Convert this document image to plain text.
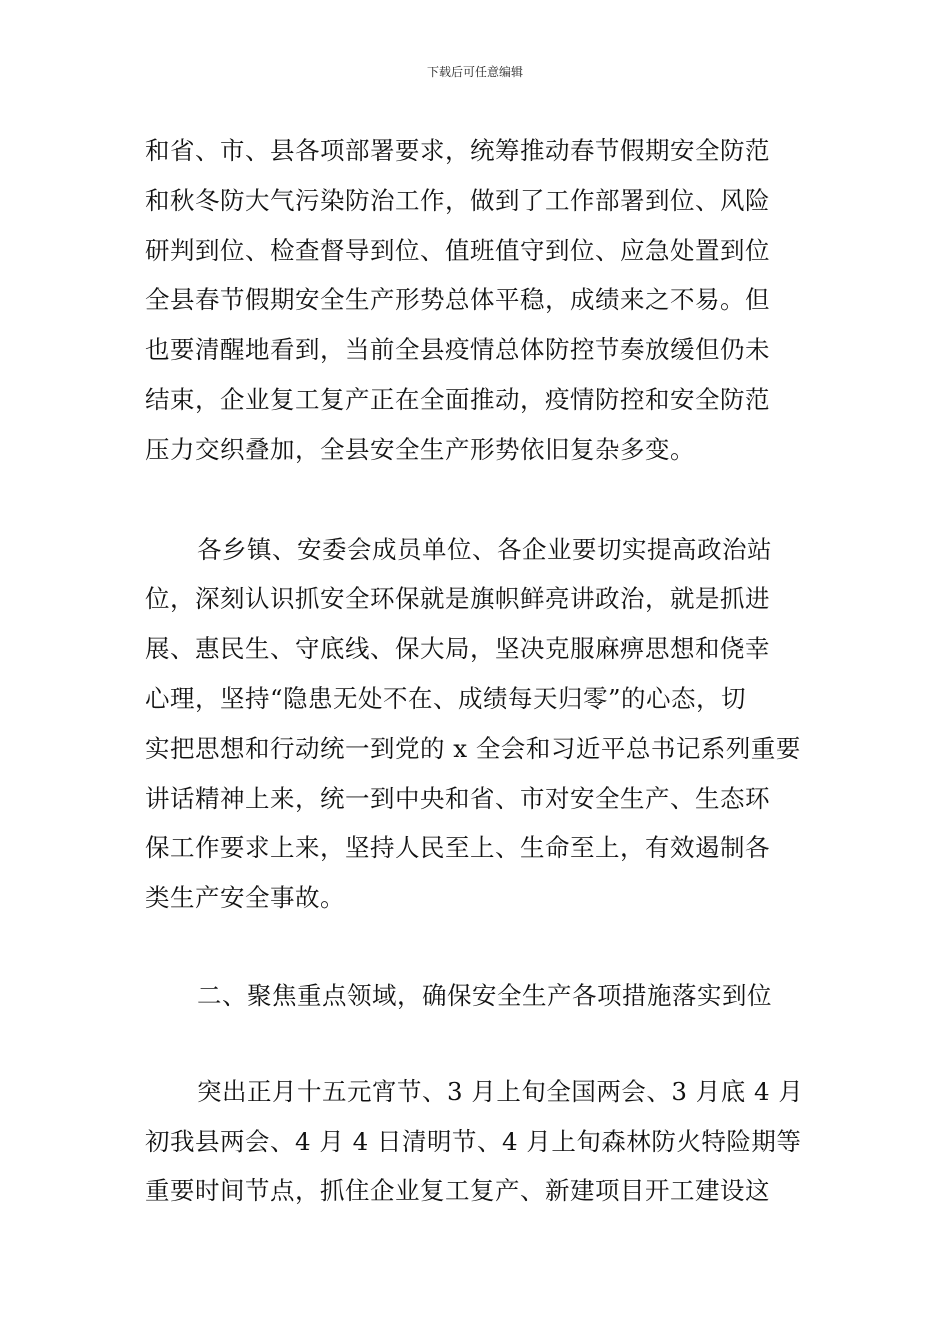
下载后可任意编辑
和省、市、县各项部署要求，统筹推动春节假期安全防范
和秋冬防大气污染防治工作，做到了工作部署到位、风险
研判到位、检查督导到位、值班值守到位、应急处置到位
全县春节假期安全生产形势总体平稳，成绩来之不易。但
也要清醒地看到，当前全县疫情总体防控节奏放缓但仍未
结束，企业复工复产正在全面推动，疫情防控和安全防范
压力交织叠加，全县安全生产形势依旧复杂多变。
各乡镇、安委会成员单位、各企业要切实提高政治站
位，深刻认识抓安全环保就是旗帜鲜亮讲政治，就是抓进
展、惠民生、守底线、保大局，坚决克服麻痹思想和侥幸
心理，坚持“隐患无处不在、成绩每天归零”的心态，切
实把思想和行动统一到党的 x 全会和习近平总书记系列重要
讲话精神上来，统一到中央和省、市对安全生产、生态环
保工作要求上来，坚持人民至上、生命至上，有效遏制各
类生产安全事故。
二、聚焦重点领域，确保安全生产各项措施落实到位
突出正月十五元宵节、3 月上旬全国两会、3 月底 4 月
初我县两会、4 月 4 日清明节、4 月上旬森林防火特险期等
重要时间节点，抓住企业复工复产、新建项目开工建设这
